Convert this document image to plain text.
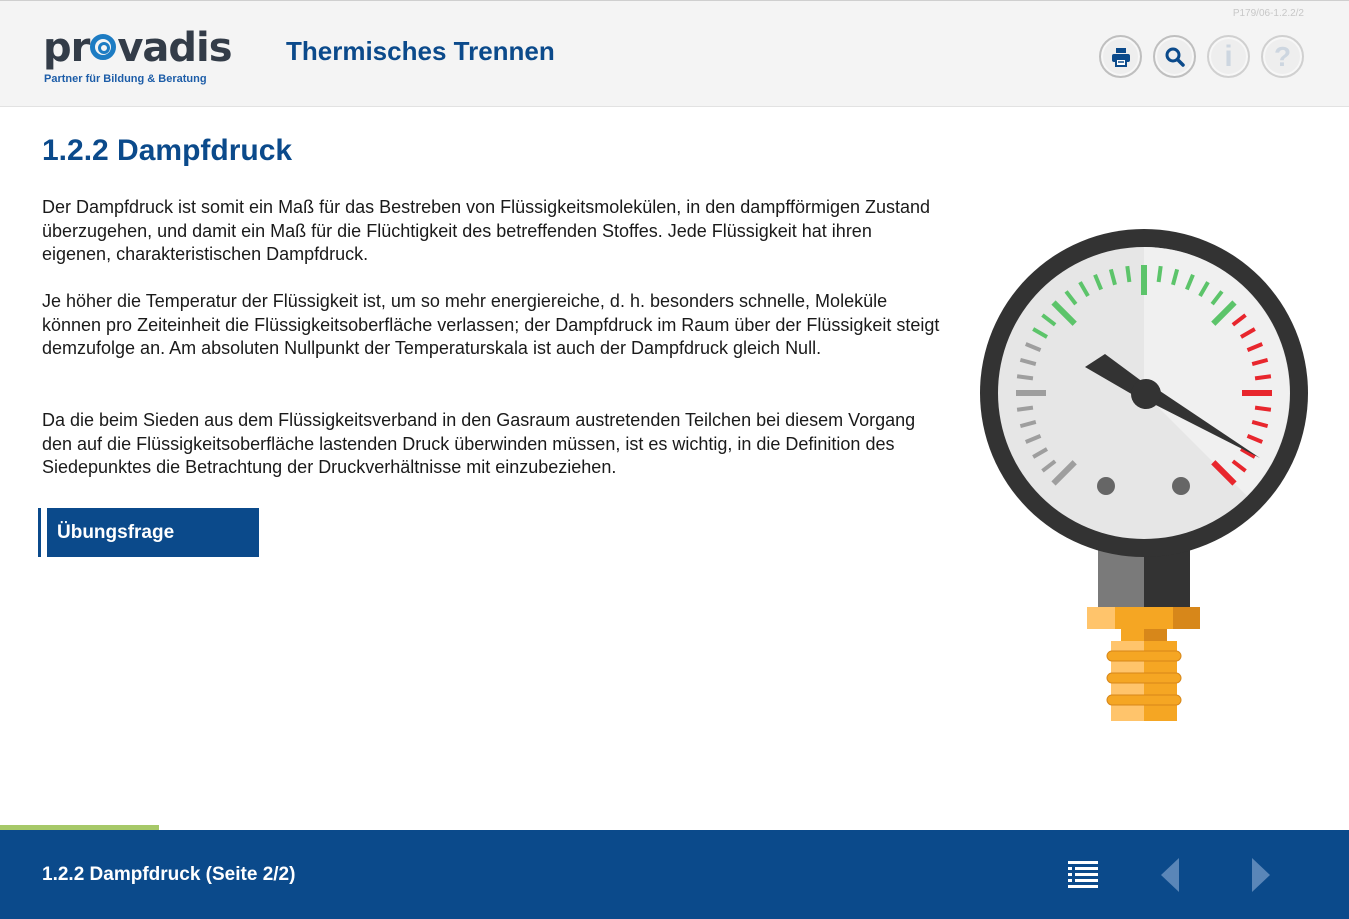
pr vadis
Partner für Bildung & Beratung
Thermisches Trennen
P179/06-1.2.2/2
i ?
1.2.2 Dampfdruck

Der Dampfdruck ist somit ein Maß für das Bestreben von Flüssigkeitsmolekülen, in den dampfförmigen Zustand überzugehen, und damit ein Maß für die Flüchtigkeit des betreffenden Stoffes. Jede Flüssigkeit hat ihren eigenen, charakteristischen Dampfdruck.

Je höher die Temperatur der Flüssigkeit ist, um so mehr energiereiche, d. h. besonders schnelle, Moleküle können pro Zeiteinheit die Flüssigkeitsoberfläche verlassen; der Dampfdruck im Raum über der Flüssigkeit steigt demzufolge an. Am absoluten Nullpunkt der Temperaturskala ist auch der Dampfdruck gleich Null.

Da die beim Sieden aus dem Flüssigkeitsverband in den Gasraum austretenden Teilchen bei diesem Vorgang den auf die Flüssigkeitsoberfläche lastenden Druck überwinden müssen, ist es wichtig, in die Definition des Siedepunktes die Betrachtung der Druckverhältnisse mit einzubeziehen.

Übungsfrage
1.2.2 Dampfdruck (Seite 2/2)
